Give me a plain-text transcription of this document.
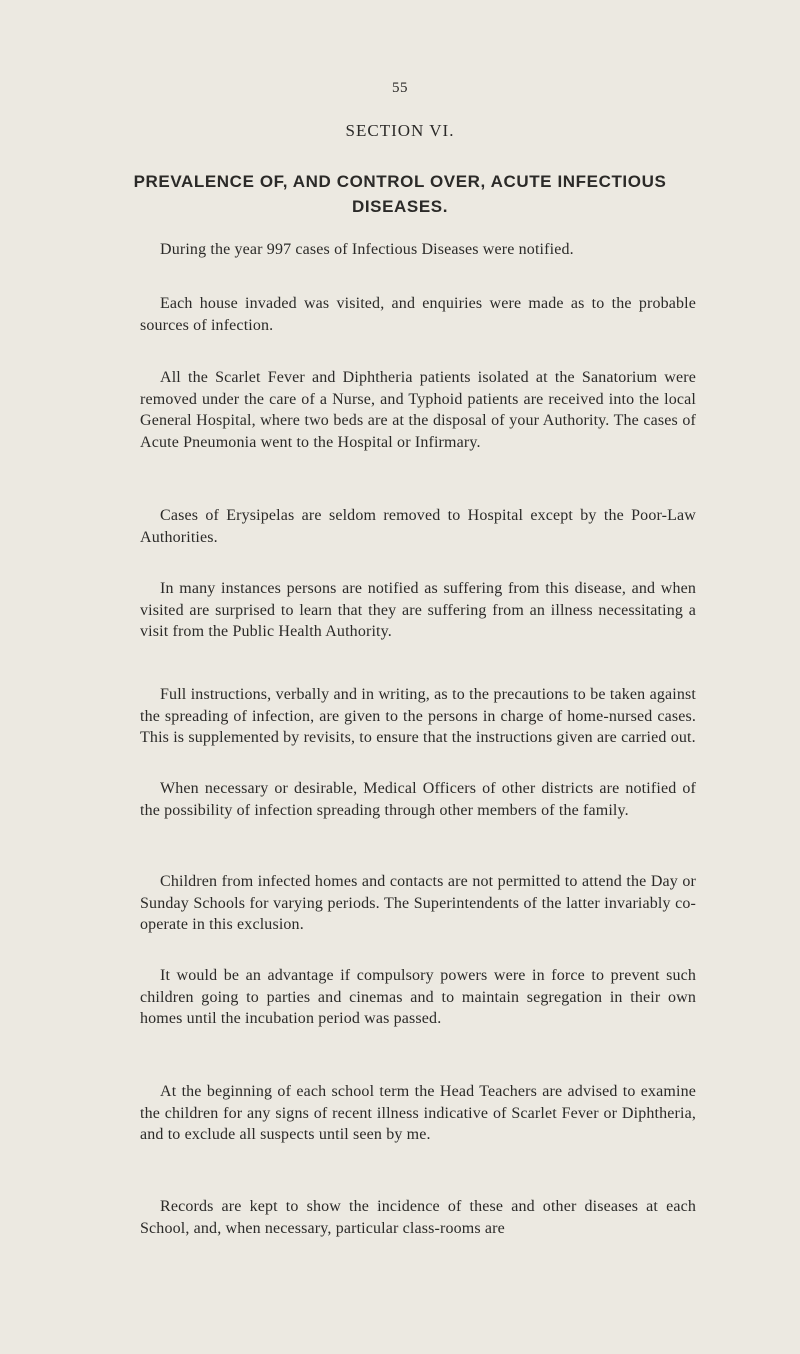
55
SECTION VI.
PREVALENCE OF, AND CONTROL OVER, ACUTE INFECTIOUS DISEASES.

During the year 997 cases of Infectious Diseases were notified.

Each house invaded was visited, and enquiries were made as to the probable sources of infection.

All the Scarlet Fever and Diphtheria patients isolated at the Sanatorium were removed under the care of a Nurse, and Typhoid patients are received into the local General Hospital, where two beds are at the disposal of your Authority. The cases of Acute Pneumonia went to the Hospital or Infirmary.

Cases of Erysipelas are seldom removed to Hospital except by the Poor-Law Authorities.

In many instances persons are notified as suffering from this disease, and when visited are surprised to learn that they are suffering from an illness necessitating a visit from the Public Health Authority.

Full instructions, verbally and in writing, as to the precautions to be taken against the spreading of infection, are given to the persons in charge of home-nursed cases. This is supplemented by revisits, to ensure that the instructions given are carried out.

When necessary or desirable, Medical Officers of other districts are notified of the possibility of infection spreading through other members of the family.

Children from infected homes and contacts are not permitted to attend the Day or Sunday Schools for varying periods. The Superintendents of the latter invariably co-operate in this exclusion.

It would be an advantage if compulsory powers were in force to prevent such children going to parties and cinemas and to maintain segregation in their own homes until the incubation period was passed.

At the beginning of each school term the Head Teachers are advised to examine the children for any signs of recent illness indicative of Scarlet Fever or Diphtheria, and to exclude all suspects until seen by me.

Records are kept to show the incidence of these and other diseases at each School, and, when necessary, particular class-rooms are
